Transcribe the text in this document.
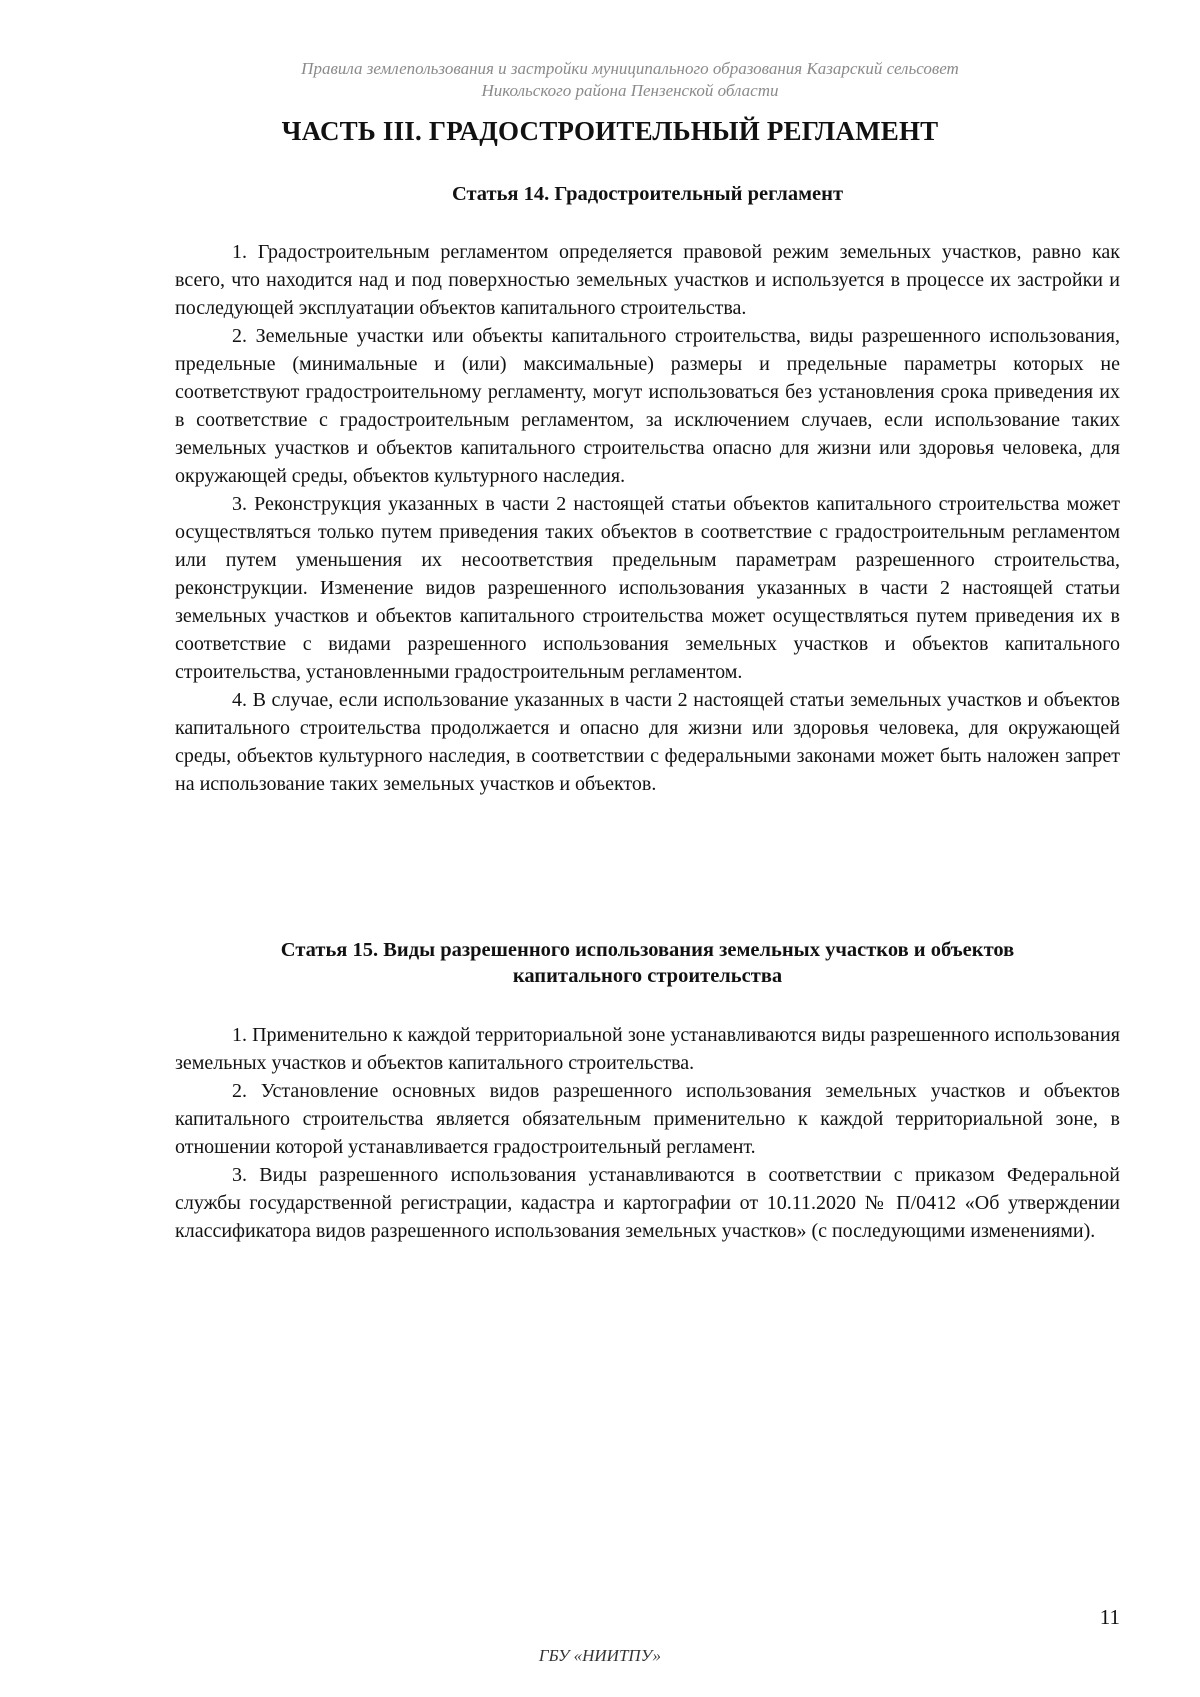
Правила землепользования и застройки муниципального образования Казарский сельсовет
Никольского района Пензенской области
ЧАСТЬ III. ГРАДОСТРОИТЕЛЬНЫЙ РЕГЛАМЕНТ
Статья 14. Градостроительный регламент

1. Градостроительным регламентом определяется правовой режим земельных участков, равно как всего, что находится над и под поверхностью земельных участков и используется в процессе их застройки и последующей эксплуатации объектов капитального строительства.

2. Земельные участки или объекты капитального строительства, виды разрешенного использования, предельные (минимальные и (или) максимальные) размеры и предельные параметры которых не соответствуют градостроительному регламенту, могут использоваться без установления срока приведения их в соответствие с градостроительным регламентом, за исключением случаев, если использование таких земельных участков и объектов капитального строительства опасно для жизни или здоровья человека, для окружающей среды, объектов культурного наследия.

3. Реконструкция указанных в части 2 настоящей статьи объектов капитального строительства может осуществляться только путем приведения таких объектов в соответствие с градостроительным регламентом или путем уменьшения их несоответствия предельным параметрам разрешенного строительства, реконструкции. Изменение видов разрешенного использования указанных в части 2 настоящей статьи земельных участков и объектов капитального строительства может осуществляться путем приведения их в соответствие с видами разрешенного использования земельных участков и объектов капитального строительства, установленными градостроительным регламентом.

4. В случае, если использование указанных в части 2 настоящей статьи земельных участков и объектов капитального строительства продолжается и опасно для жизни или здоровья человека, для окружающей среды, объектов культурного наследия, в соответствии с федеральными законами может быть наложен запрет на использование таких земельных участков и объектов.

Статья 15. Виды разрешенного использования земельных участков и объектов
капитального строительства

1. Применительно к каждой территориальной зоне устанавливаются виды разрешенного использования земельных участков и объектов капитального строительства.

2. Установление основных видов разрешенного использования земельных участков и объектов капитального строительства является обязательным применительно к каждой территориальной зоне, в отношении которой устанавливается градостроительный регламент.

3. Виды разрешенного использования устанавливаются в соответствии с приказом Федеральной службы государственной регистрации, кадастра и картографии от 10.11.2020 № П/0412 «Об утверждении классификатора видов разрешенного использования земельных участков» (с последующими изменениями).

11
ГБУ «НИИТПУ»
